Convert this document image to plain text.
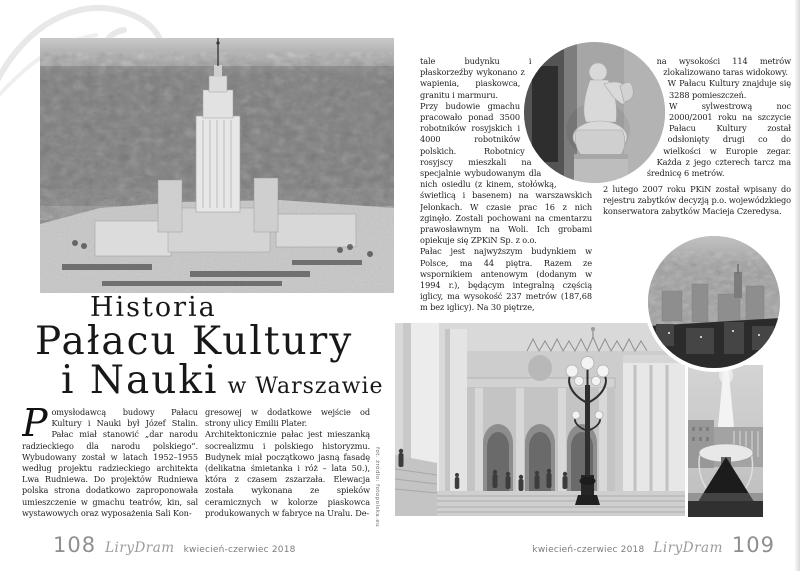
Historia
Pałacu Kultury
i Nauki w Warszawie
Pomysłodawcą budowy Pałacu Kultury i Nauki był Józef Stalin. Pałac miał stanowić „dar narodu radzieckiego dla narodu polskiego”. Wybudowany został w latach 1952–1955 według projektu radzieckiego architekta Lwa Rudniewa. Do projektów Rudniewa polska strona dodatkowo zaproponowała umieszczenie w gmachu teatrów, kin, sal wystawowych oraz wyposażenia Sali Kon-

gresowej w dodatkowe wejście od strony ulicy Emilii Plater.

Architektonicznie pałac jest mieszanką socrealizmu i polskiego historyzmu. Budynek miał początkowo jasną fasadę (delikatna śmietanka i róż – lata 50.), która z czasem zszarzała. Elewacja została wykonana ze spieków ceramicznych w kolorze piaskowca produkowanych w fabryce na Uralu. De- fot. źródło: fotopolska.eu
108 LiryDram kwiecień-czerwiec 2018

tale budynku i płaskorzeźby wykonano z wapienia, piaskowca, granitu i marmuru.

Przy budowie gmachu pracowało ponad 3500 robotników rosyjskich i 4000 robotników polskich. Robotnicy rosyjscy mieszkali na specjalnie wybudowanym dla nich osiedlu (z kinem, stołówką, świetlicą i basenem) na warszawskich Jelonkach. W czasie prac 16 z nich zginęło. Zostali pochowani na cmentarzu prawosławnym na Woli. Ich grobami opiekuje się ZPKiN Sp. z o.o.

Pałac jest najwyższym budynkiem w Polsce, ma 44 piętra. Razem ze wspornikiem antenowym (dodanym w 1994 r.), będącym integralną częścią iglicy, ma wysokość 237 metrów (187,68 m bez iglicy). Na 30 piętrze,

na wysokości 114 metrów zlokalizowano taras widokowy.

W Pałacu Kultury znajduje się 3288 pomieszczeń.

W sylwestrową noc 2000/2001 roku na szczycie Pałacu Kultury został odsłonięty drugi co do wielkości w Europie zegar. Każda z jego czterech tarcz ma średnicę 6 metrów.

2 lutego 2007 roku PKiN został wpisany do rejestru zabytków decyzją p.o. wojewódzkiego konserwatora zabytków Macieja Czeredysa.

kwiecień-czerwiec 2018 LiryDram 109
